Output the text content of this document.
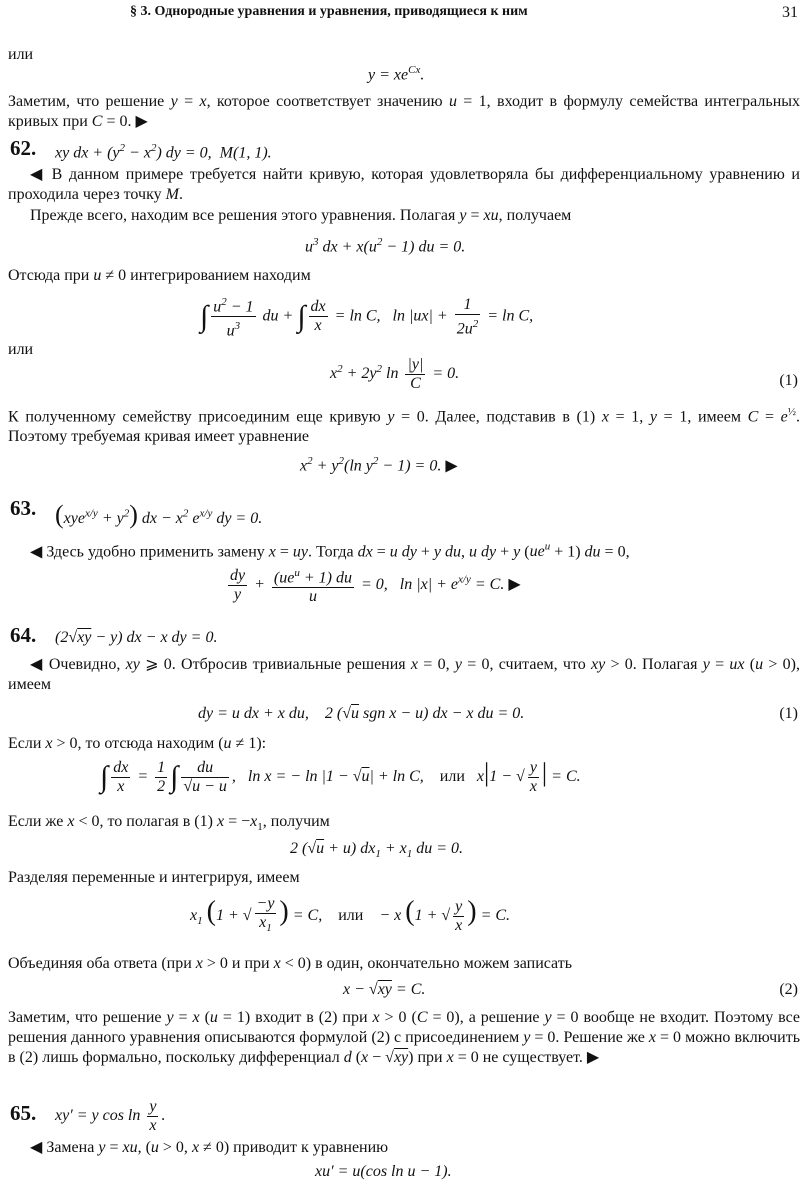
§ 3. Однородные уравнения и уравнения, приводящиеся к ним	31
или
$y = xe^{Cx}$.
Заметим, что решение y = x, которое соответствует значению u = 1, входит в формулу семейства интегральных кривых при C = 0. ▶
62. xy dx + $(y^2 - x^2)$ dy = 0,  M(1, 1).
◀ В данном примере требуется найти кривую, которая удовлетворяла бы дифференциальному уравнению и проходила через точку M.
Прежде всего, находим все решения этого уравнения. Полагая y = xu, получаем
$u^3$ dx + $x(u^2 - 1)$ du = 0.
Отсюда при u ≠ 0 интегрированием находим
∫ $\frac{u^2 - 1}{u^3}$ du + ∫ $\frac{dx}{x} = \ln C$,   $\ln |ux| + \frac{1}{2u^2} = \ln C$,
или
$x^2 + 2y^2$ $\ln \frac{|y|}{C} = 0$.	(1)
К полученному семейству присоединим еще кривую y = 0. Далее, подставив в (1) x = 1, y = 1, имеем $C = e^{\frac{1}{2}}$. Поэтому требуемая кривая имеет уравнение
$x^2 + y^2(\ln$ $y^2 - 1) = 0$. ▶
63. $(xye^{x/y} + y^2)$ dx − $x^2$ $e^{x/y}$ dy = 0.
◀ Здесь удобно применить замену x = uy. Тогда dx = u dy + y du, u dy + y $(ue^u + 1)$ du = 0,
$\frac{dy}{y} + \frac{(ue^u + 1) du}{u} = 0$,   $\ln |x| + e^{x/y} = C$. ▶
64. (2√xy − y) dx − x dy = 0.
◀ Очевидно, xy ⩾ 0. Отбросив тривиальные решения x = 0, y = 0, считаем, что xy > 0. Полагая y = ux (u > 0), имеем
dy = u dx + x du,    2 (√u sgn x − u) dx − x du = 0.	(1)
Если x > 0, то отсюда находим (u ≠ 1):
∫ $\frac{dx}{x} = \frac{1}{2}$ ∫ $\frac{du}{√u - u}$ ,   ln x = − ln |1 − √u| + ln C,    или   x|1 − √ $\frac{y}{x}$ | = C.
Если же x < 0, то полагая в (1) $x = -x_1$, получим
2 (√u + u) $dx_1 + x_1$ du = 0.
Разделяя переменные и интегрируя, имеем
$x_1$ (1 + √ $\frac{-y}{x_1}$ ) = C,    или    − x (1 + √ $\frac{y}{x}$ ) = C.
Объединяя оба ответа (при x > 0 и при x < 0) в один, окончательно можем записать
x − √xy = C.	(2)
Заметим, что решение y = x (u = 1) входит в (2) при x > 0 (C = 0), а решение y = 0 вообще не входит. Поэтому все решения данного уравнения описываются формулой (2) с присоединением y = 0. Решение же x = 0 можно включить в (2) лишь формально, поскольку дифференциал d (x − √xy) при x = 0 не существует. ▶
65. xy′ = y $\cos \ln \frac{y}{x}$ .
◀ Замена y = xu, (u > 0, x ≠ 0) приводит к уравнению
xu′ = u(cos ln u − 1).
